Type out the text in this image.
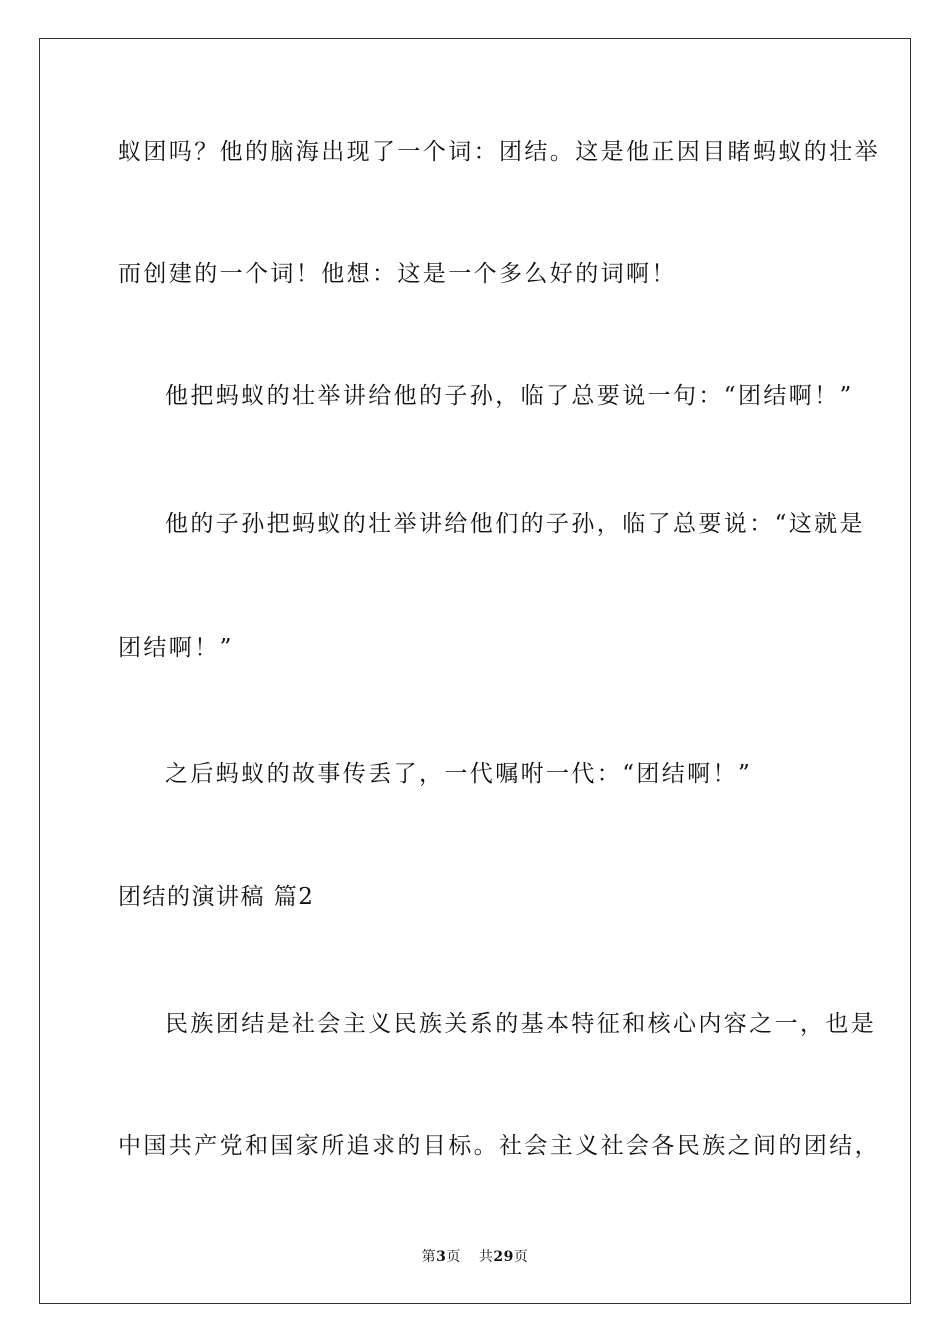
蚁团吗？他的脑海出现了一个词：团结。这是他正因目睹蚂蚁的壮举
而创建的一个词！他想：这是一个多么好的词啊！
他把蚂蚁的壮举讲给他的子孙，临了总要说一句：“团结啊！”
他的子孙把蚂蚁的壮举讲给他们的子孙，临了总要说：“这就是
团结啊！”
之后蚂蚁的故事传丢了，一代嘱咐一代：“团结啊！”
团结的演讲稿 篇2
民族团结是社会主义民族关系的基本特征和核心内容之一，也是
中国共产党和国家所追求的目标。社会主义社会各民族之间的团结，
第3页 共29页
